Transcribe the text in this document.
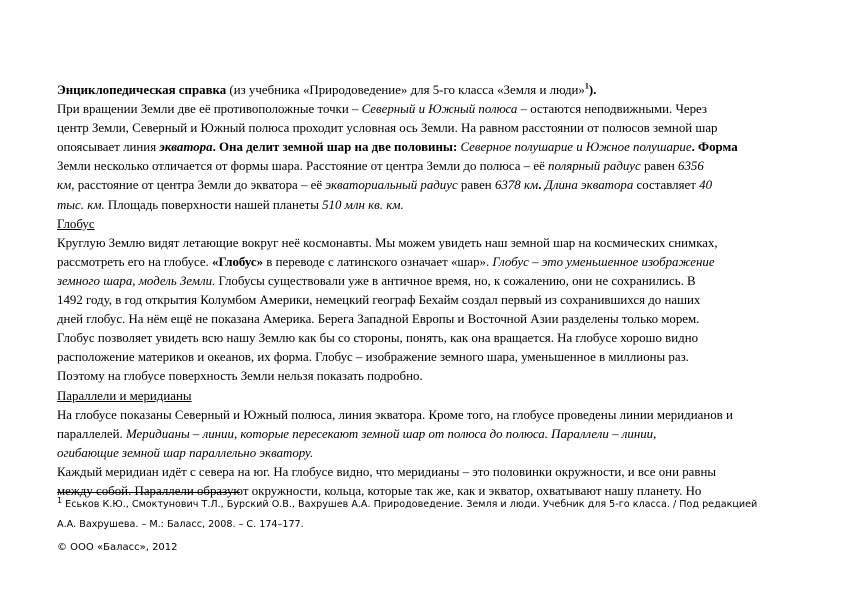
Энциклопедическая справка (из учебника «Природоведение» для 5-го класса «Земля и люди»$^1$).

При вращении Земли две её противоположные точки – Северный и Южный полюса – остаются неподвижными. Через

центр Земли, Северный и Южный полюса проходит условная ось Земли. На равном расстоянии от полюсов земной шар

опоясывает линия экватора. Она делит земной шар на две половины: Северное полушарие и Южное полушарие. Форма

Земли несколько отличается от формы шара. Расстояние от центра Земли до полюса – её полярный радиус равен 6356

км, расстояние от центра Земли до экватора – её экваториальный радиус равен 6378 км. Длина экватора составляет 40

тыс. км. Площадь поверхности нашей планеты 510 млн кв. км.

Глобус

Круглую Землю видят летающие вокруг неё космонавты. Мы можем увидеть наш земной шар на космических снимках,

рассмотреть его на глобусе. «Глобус» в переводе с латинского означает «шар». Глобус – это уменьшенное изображение

земного шара, модель Земли. Глобусы существовали уже в античное время, но, к сожалению, они не сохранились. В

1492 году, в год открытия Колумбом Америки, немецкий географ Бехайм создал первый из сохранившихся до наших

дней глобус. На нём ещё не показана Америка. Берега Западной Европы и Восточной Азии разделены только морем.

Глобус позволяет увидеть всю нашу Землю как бы со стороны, понять, как она вращается. На глобусе хорошо видно

расположение материков и океанов, их форма. Глобус – изображение земного шара, уменьшенное в миллионы раз.

Поэтому на глобусе поверхность Земли нельзя показать подробно.

Параллели и меридианы

На глобусе показаны Северный и Южный полюса, линия экватора. Кроме того, на глобусе проведены линии меридианов и

параллелей. Меридианы – линии, которые пересекают земной шар от полюса до полюса. Параллели – линии,

огибающие земной шар параллельно экватору.

Каждый меридиан идёт с севера на юг. На глобусе видно, что меридианы – это половинки окружности, и все они равны

между собой. Параллели образуют окружности, кольца, которые так же, как и экватор, охватывают нашу планету. Но

$^1$ Еськов К.Ю., Смоктунович Т.Л., Бурский О.В., Вахрушев А.А. Природоведение. Земля и люди. Учебник для 5-го класса. / Под редакцией
А.А. Вахрушева. – М.: Баласс, 2008. – С. 174–177.
© ООО «Баласс», 2012
